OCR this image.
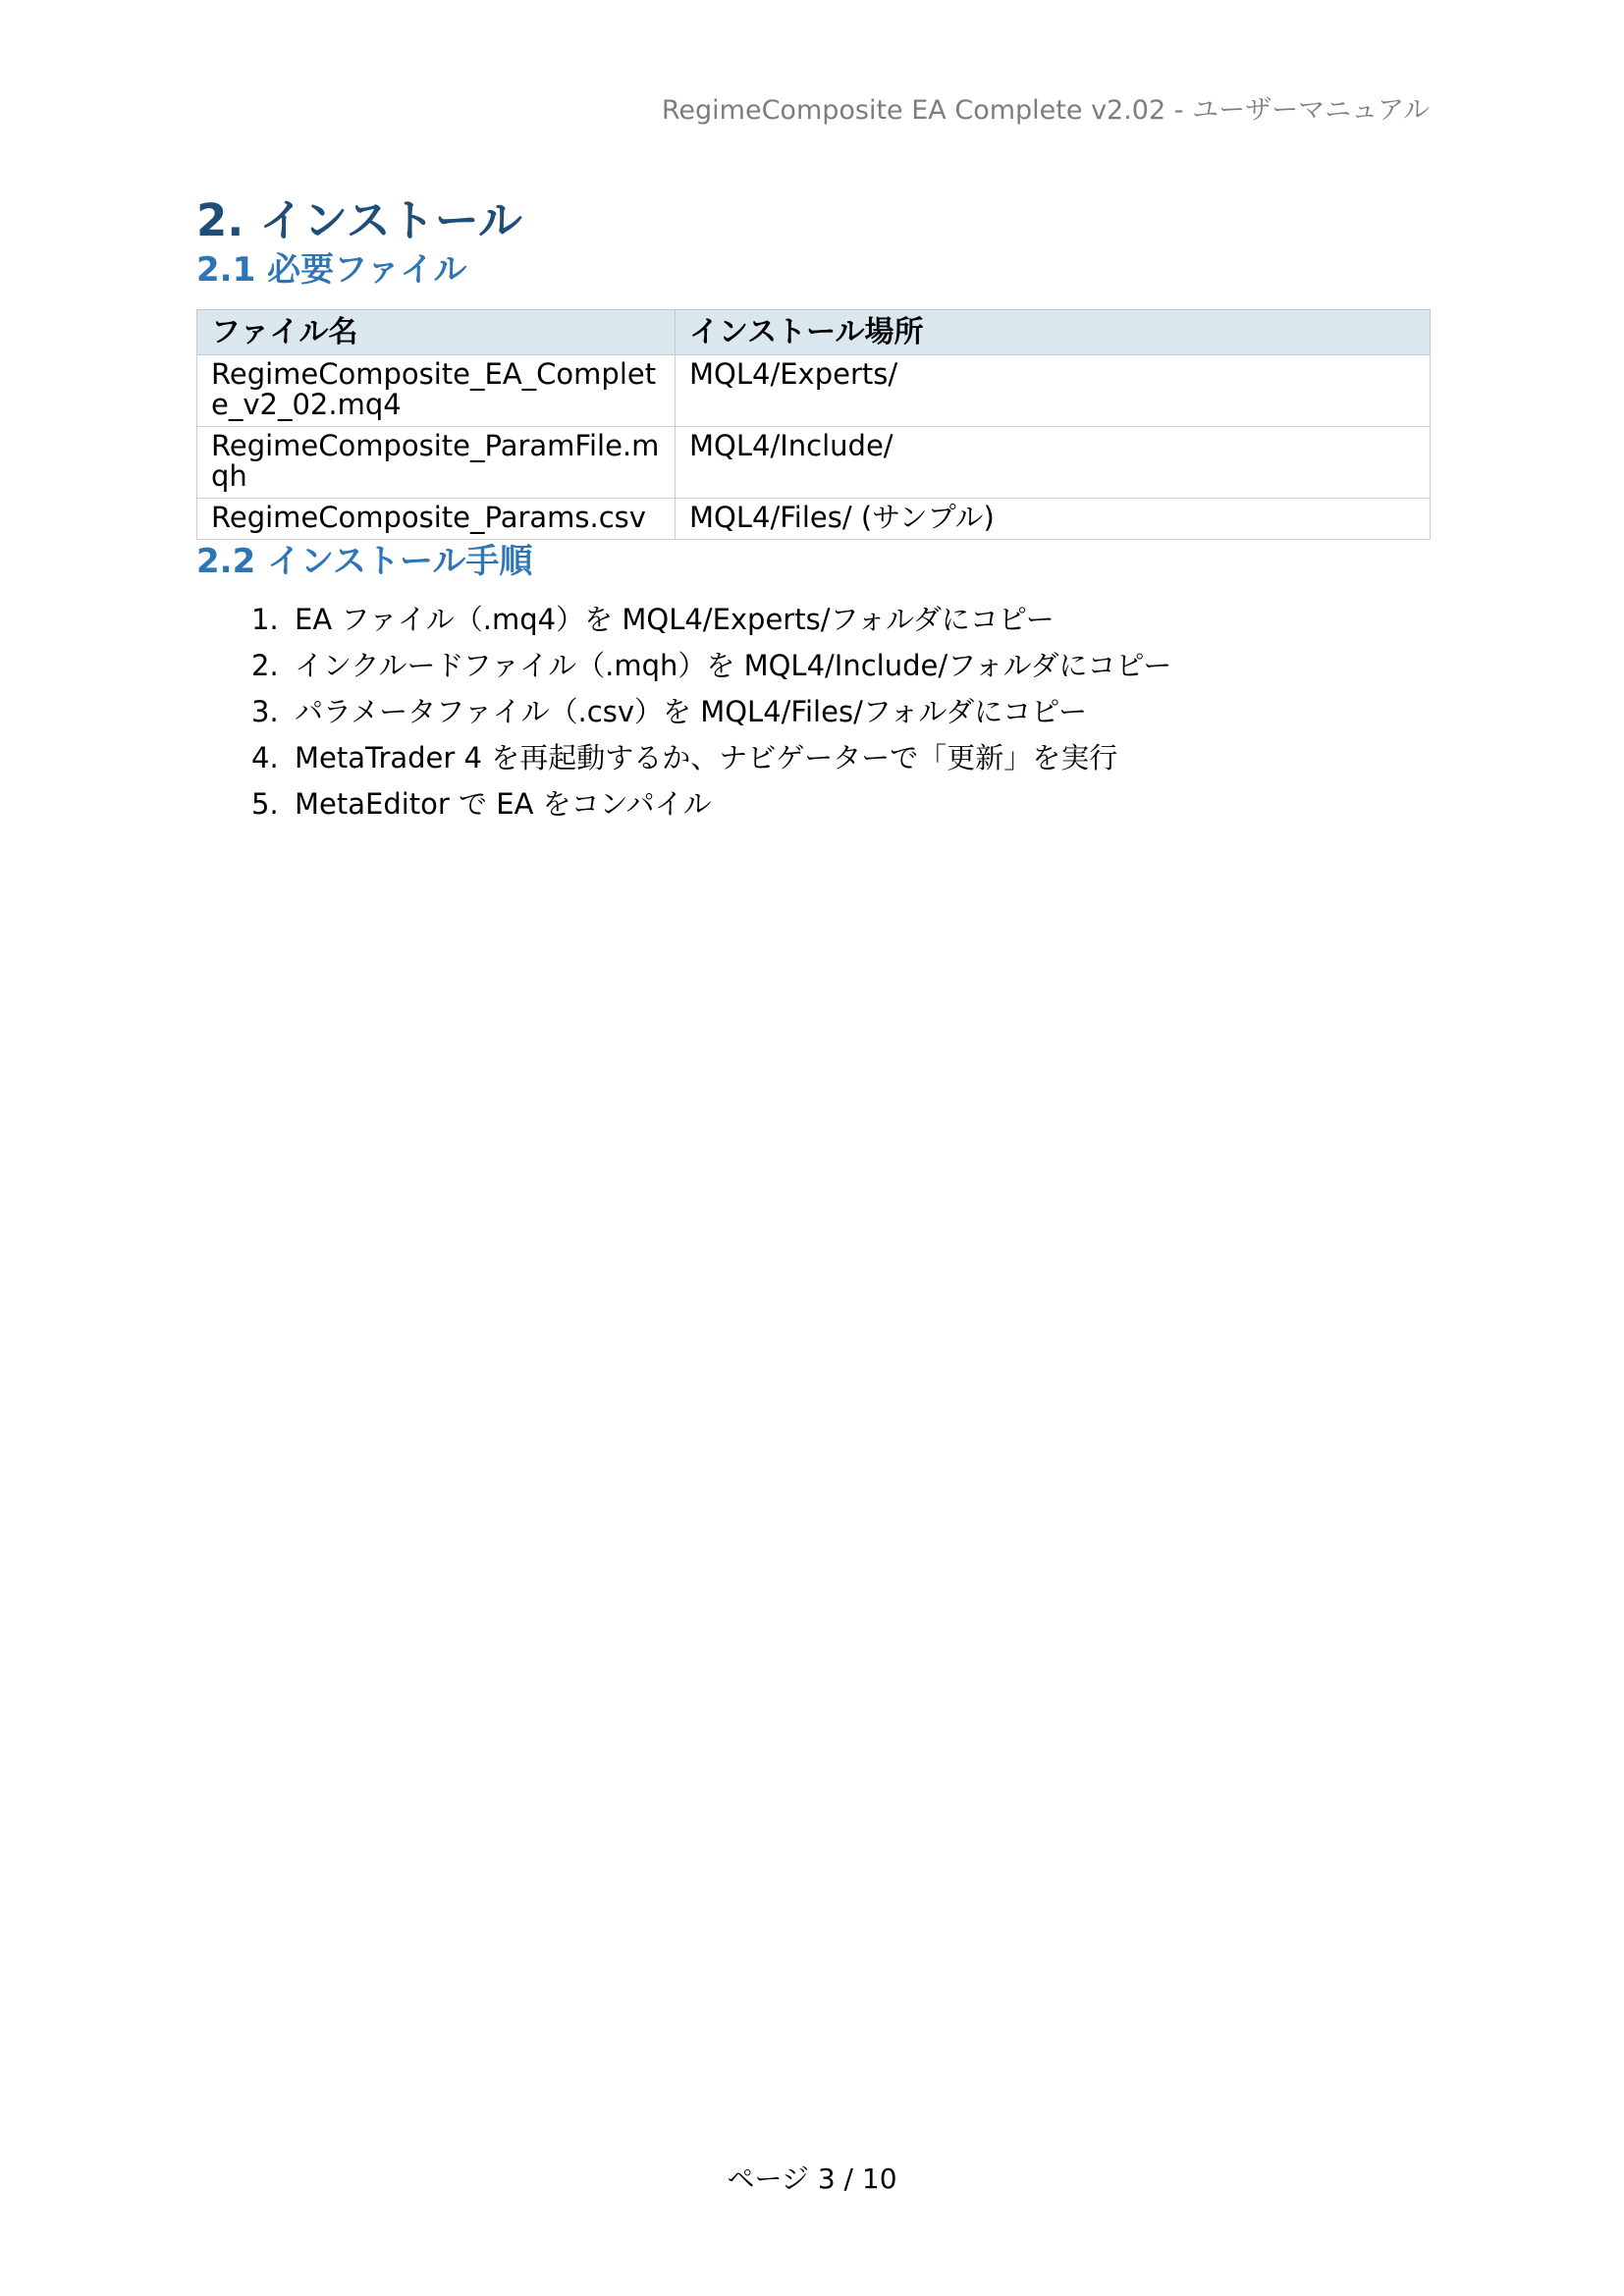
RegimeComposite EA Complete v2.02 - ユーザーマニュアル
2. インストール
2.1 必要ファイル
ファイル名	インストール場所
RegimeComposite_EA_Complete_v2_02.mq4	MQL4/Experts/
RegimeComposite_ParamFile.mqh	MQL4/Include/
RegimeComposite_Params.csv	MQL4/Files/ (サンプル)
2.2 インストール手順
1. EA ファイル（.mq4）を MQL4/Experts/フォルダにコピー
2. インクルードファイル（.mqh）を MQL4/Include/フォルダにコピー
3. パラメータファイル（.csv）を MQL4/Files/フォルダにコピー
4. MetaTrader 4 を再起動するか、ナビゲーターで「更新」を実行
5. MetaEditor で EA をコンパイル
ページ 3 / 10
